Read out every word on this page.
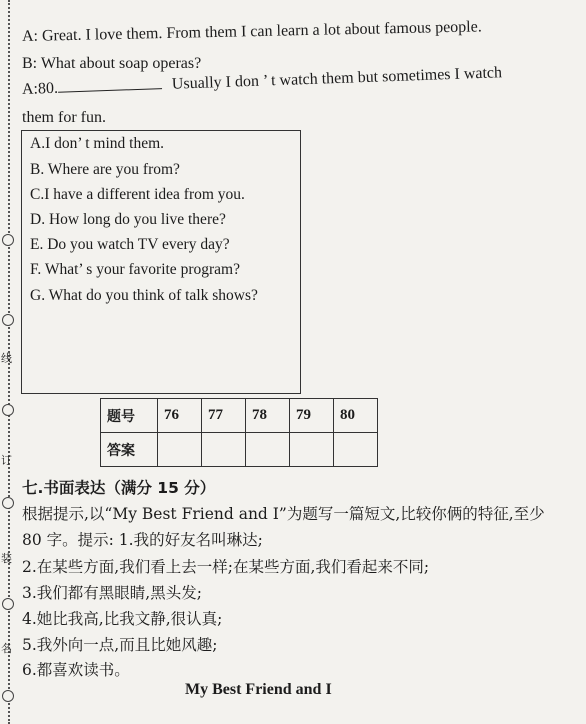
线
订
装
名
A: Great. I love them. From them I can learn a lot about famous people.
B: What about soap operas?
A:80.	Usually I don ’ t watch them but sometimes I watch
them for fun.
A.I don’ t mind them.
B. Where are you from?
C.I have a different idea from you.
D. How long do you live there?
E. Do you watch TV every day?
F. What’ s your favorite program?
G. What do you think of talk shows?
题号	76	77	78	79	80
答案					
七.书面表达（满分 15 分）
根据提示,以“My Best Friend and I”为题写一篇短文,比较你俩的特征,至少
80 字。提示: 1.我的好友名叫琳达;
2.在某些方面,我们看上去一样;在某些方面,我们看起来不同;
3.我们都有黑眼睛,黑头发;
4.她比我高,比我文静,很认真;
5.我外向一点,而且比她风趣;
6.都喜欢读书。
My Best Friend and I
